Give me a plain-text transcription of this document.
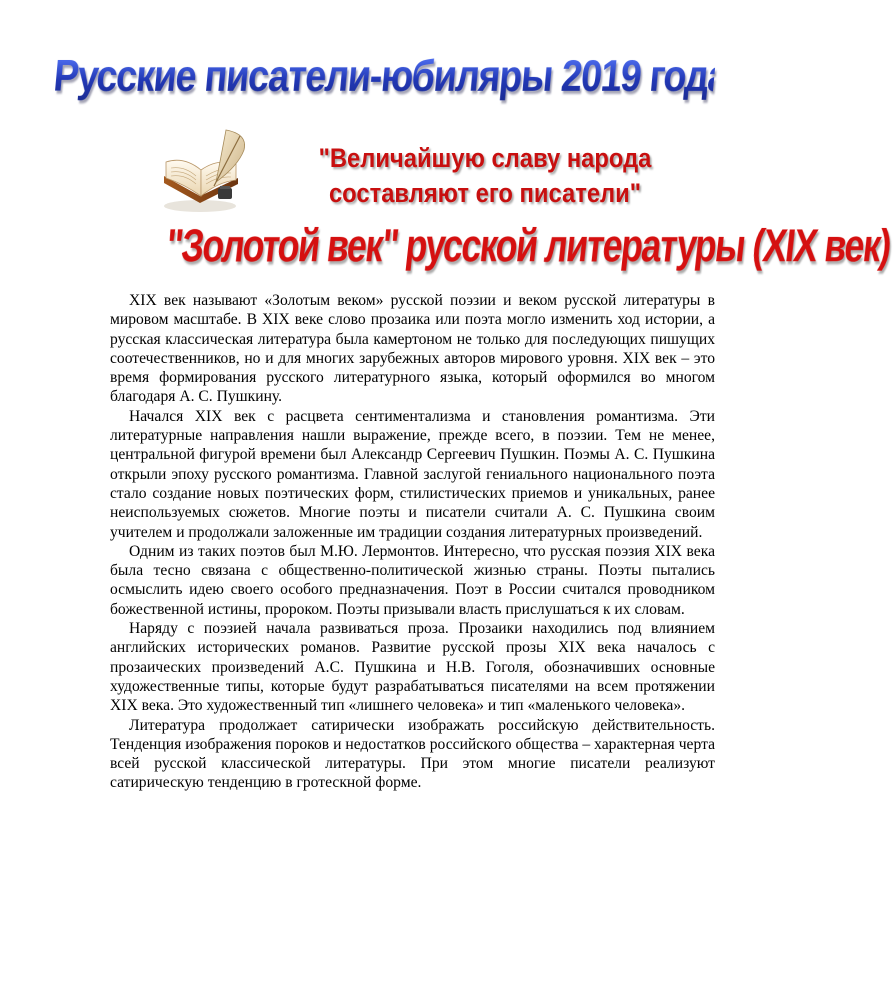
Русские писатели-юбиляры 2019 года
"Величайшую славу народа
составляют его писатели"
"Золотой век" русской литературы (XIX век)

XIX век называют «Золотым веком» русской поэзии и веком русской литературы в мировом масштабе. В XIX веке слово прозаика или поэта могло изменить ход истории, а русская классическая литература была камертоном не только для последующих пишущих соотечественников, но и для многих зарубежных авторов мирового уровня. XIX век – это время формирования русского литературного языка, который оформился во многом благодаря А. С. Пушкину.

Начался XIX век с расцвета сентиментализма и становления романтизма. Эти литературные направления нашли выражение, прежде всего, в поэзии. Тем не менее, центральной фигурой времени был Александр Сергеевич Пушкин. Поэмы А. С. Пушкина открыли эпоху русского романтизма. Главной заслугой гениального национального поэта стало создание новых поэтических форм, стилистических приемов и уникальных, ранее неиспользуемых сюжетов. Многие поэты и писатели считали А. С. Пушкина своим учителем и продолжали заложенные им традиции создания литературных произведений.

Одним из таких поэтов был М.Ю. Лермонтов. Интересно, что русская поэзия XIX века была тесно связана с общественно-политической жизнью страны. Поэты пытались осмыслить идею своего особого предназначения. Поэт в России считался проводником божественной истины, пророком. Поэты призывали власть прислушаться к их словам.

Наряду с поэзией начала развиваться проза. Прозаики находились под влиянием английских исторических романов. Развитие русской прозы XIX века началось с прозаических произведений А.С. Пушкина и Н.В. Гоголя, обозначивших основные художественные типы, которые будут разрабатываться писателями на всем протяжении XIX века. Это художественный тип «лишнего человека» и тип «маленького человека».

Литература продолжает сатирически изображать российскую действительность. Тенденция изображения пороков и недостатков российского общества – характерная черта всей русской классической литературы. При этом многие писатели реализуют сатирическую тенденцию в гротескной форме.
